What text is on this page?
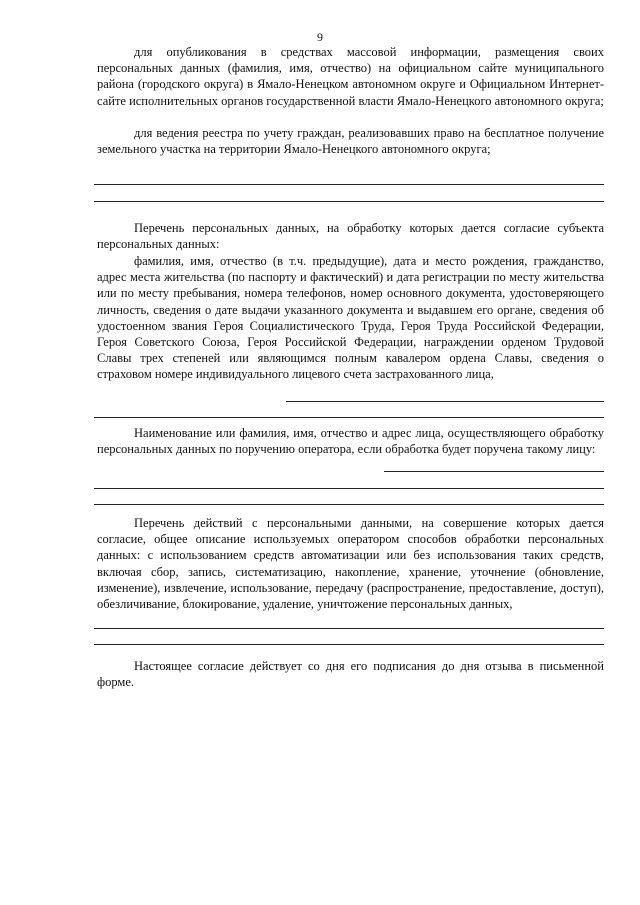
9

для опубликования в средствах массовой информации, размещения своих персональных данных (фамилия, имя, отчество) на официальном сайте муниципального района (городского округа) в Ямало-Ненецком автономном округе и Официальном Интернет-сайте исполнительных органов государственной власти Ямало-Ненецкого автономного округа;

для ведения реестра по учету граждан, реализовавших право на бесплатное получение земельного участка на территории Ямало-Ненецкого автономного округа;

Перечень персональных данных, на обработку которых дается согласие субъекта персональных данных:

фамилия, имя, отчество (в т.ч. предыдущие), дата и место рождения, гражданство, адрес места жительства (по паспорту и фактический) и дата регистрации по месту жительства или по месту пребывания, номера телефонов, номер основного документа, удостоверяющего личность, сведения о дате выдачи указанного документа и выдавшем его органе, сведения об удостоенном звания Героя Социалистического Труда, Героя Труда Российской Федерации, Героя Советского Союза, Героя Российской Федерации, награждении орденом Трудовой Славы трех степеней или являющимся полным кавалером ордена Славы, сведения о страховом номере индивидуального лицевого счета застрахованного лица,

Наименование или фамилия, имя, отчество и адрес лица, осуществляющего обработку персональных данных по поручению оператора, если обработка будет поручена такому лицу:

Перечень действий с персональными данными, на совершение которых дается согласие, общее описание используемых оператором способов обработки персональных данных: с использованием средств автоматизации или без использования таких средств, включая сбор, запись, систематизацию, накопление, хранение, уточнение (обновление, изменение), извлечение, использование, передачу (распространение, предоставление, доступ), обезличивание, блокирование, удаление, уничтожение персональных данных,

Настоящее согласие действует со дня его подписания до дня отзыва в письменной форме.
